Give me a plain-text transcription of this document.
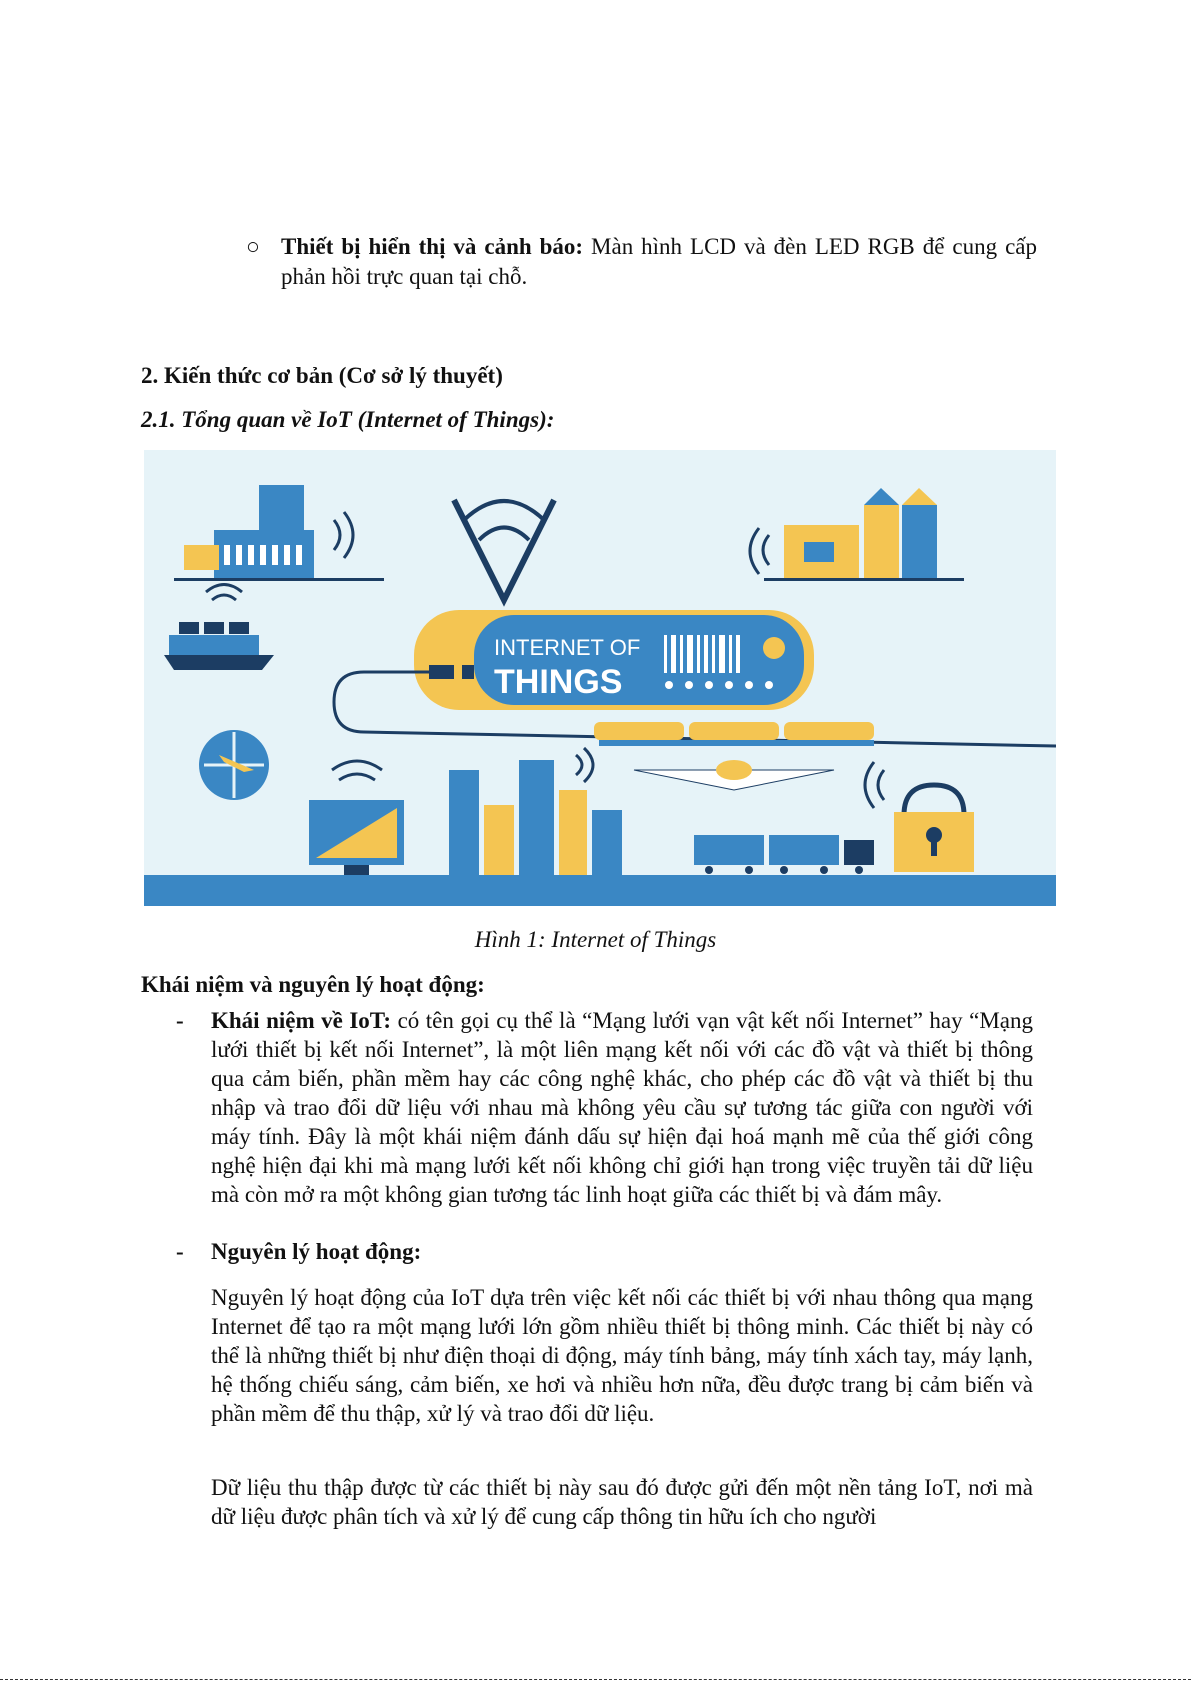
○ Thiết bị hiển thị và cảnh báo: Màn hình LCD và đèn LED RGB để cung cấp phản hồi trực quan tại chỗ.
2. Kiến thức cơ bản (Cơ sở lý thuyết)
2.1. Tổng quan về IoT (Internet of Things):
INTERNET OF
THINGS
Hình 1: Internet of Things
Khái niệm và nguyên lý hoạt động:
- Khái niệm về IoT: có tên gọi cụ thể là “Mạng lưới vạn vật kết nối Internet” hay “Mạng lưới thiết bị kết nối Internet”, là một liên mạng kết nối với các đồ vật và thiết bị thông qua cảm biến, phần mềm hay các công nghệ khác, cho phép các đồ vật và thiết bị thu nhập và trao đổi dữ liệu với nhau mà không yêu cầu sự tương tác giữa con người với máy tính. Đây là một khái niệm đánh dấu sự hiện đại hoá mạnh mẽ của thế giới công nghệ hiện đại khi mà mạng lưới kết nối không chỉ giới hạn trong việc truyền tải dữ liệu mà còn mở ra một không gian tương tác linh hoạt giữa các thiết bị và đám mây.
- Nguyên lý hoạt động:
Nguyên lý hoạt động của IoT dựa trên việc kết nối các thiết bị với nhau thông qua mạng Internet để tạo ra một mạng lưới lớn gồm nhiều thiết bị thông minh. Các thiết bị này có thể là những thiết bị như điện thoại di động, máy tính bảng, máy tính xách tay, máy lạnh, hệ thống chiếu sáng, cảm biến, xe hơi và nhiều hơn nữa, đều được trang bị cảm biến và phần mềm để thu thập, xử lý và trao đổi dữ liệu.
Dữ liệu thu thập được từ các thiết bị này sau đó được gửi đến một nền tảng IoT, nơi mà dữ liệu được phân tích và xử lý để cung cấp thông tin hữu ích cho người
